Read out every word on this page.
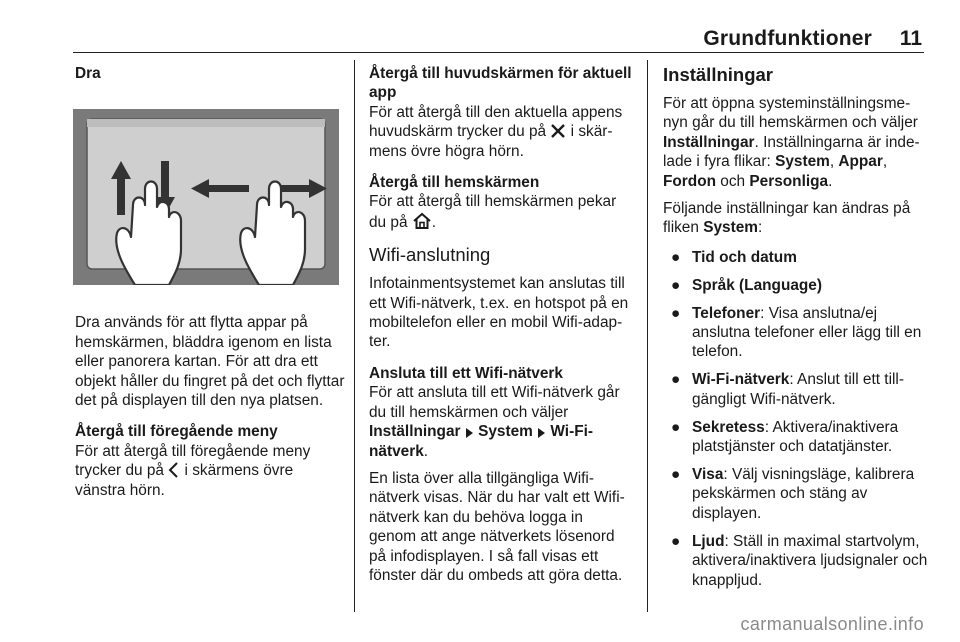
Grundfunktioner 11
Dra

Dra används för att flytta appar på hemskärmen, bläddra igenom en lista eller panorera kartan. För att dra ett objekt håller du fingret på det och flyttar det på displayen till den nya platsen.

Återgå till föregående meny

För att återgå till föregående meny trycker du på i skärmens övre vänstra hörn.

Återgå till huvudskärmen för aktuell app

För att återgå till den aktuella appens huvudskärm trycker du på i skärmens övre högra hörn.

Återgå till hemskärmen

För att återgå till hemskärmen pekar du på .

Wifi-anslutning

Infotainmentsystemet kan anslutas till ett Wifi-nätverk, t.ex. en hotspot på en mobiltelefon eller en mobil Wifi-adapter.

Ansluta till ett Wifi-nätverk

För att ansluta till ett Wifi-nätverk går du till hemskärmen och väljer
Inställningar System Wi-Fi-nätverk.

En lista över alla tillgängliga Wifi-nätverk visas. När du har valt ett Wifi-nätverk kan du behöva logga in genom att ange nätverkets lösenord på infodisplayen. I så fall visas ett fönster där du ombeds att göra detta.

Inställningar

För att öppna systeminställningsmenyn går du till hemskärmen och väljer Inställningar. Inställningarna är indelade i fyra flikar: System, Appar, Fordon och Personliga.

Följande inställningar kan ändras på fliken System:

● Tid och datum
● Språk (Language)
● Telefoner: Visa anslutna/ej anslutna telefoner eller lägg till en telefon.
● Wi-Fi-nätverk: Anslut till ett tillgängligt Wifi-nätverk.
● Sekretess: Aktivera/inaktivera platstjänster och datatjänster.
● Visa: Välj visningsläge, kalibrera pekskärmen och stäng av displayen.
● Ljud: Ställ in maximal startvolym, aktivera/inaktivera ljudsignaler och knappljud.
carmanualsonline.info
